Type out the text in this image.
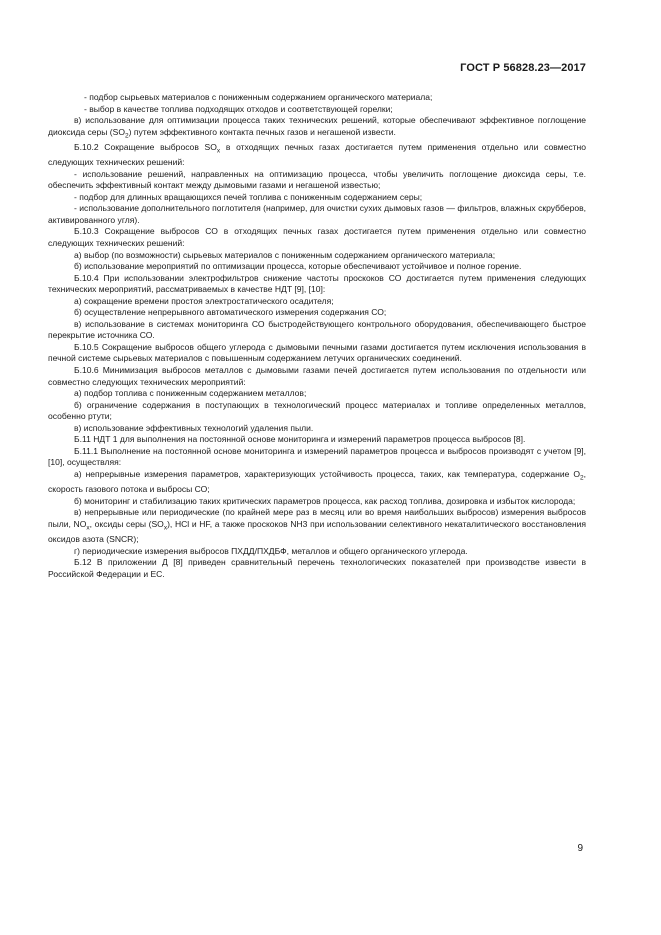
ГОСТ Р 56828.23—2017

- подбор сырьевых материалов с пониженным содержанием органического материала;

- выбор в качестве топлива подходящих отходов и соответствующей горелки;

в) использование для оптимизации процесса таких технических решений, которые обеспечивают эффективное поглощение диоксида серы $(SO_2)$ путем эффективного контакта печных газов и негашеной извести.

Б.10.2 Сокращение выбросов $SO_x$ в отходящих печных газах достигается путем применения отдельно или совместно следующих технических решений:

- использование решений, направленных на оптимизацию процесса, чтобы увеличить поглощение диоксида серы, т.е. обеспечить эффективный контакт между дымовыми газами и негашеной известью;

- подбор для длинных вращающихся печей топлива с пониженным содержанием серы;

- использование дополнительного поглотителя (например, для очистки сухих дымовых газов — фильтров, влажных скрубберов, активированного угля).

Б.10.3 Сокращение выбросов СО в отходящих печных газах достигается путем применения отдельно или совместно следующих технических решений:

а) выбор (по возможности) сырьевых материалов с пониженным содержанием органического материала;

б) использование мероприятий по оптимизации процесса, которые обеспечивают устойчивое и полное горение.

Б.10.4 При использовании электрофильтров снижение частоты проскоков СО достигается путем применения следующих технических мероприятий, рассматриваемых в качестве НДТ [9], [10]:

а) сокращение времени простоя электростатического осадителя;

б) осуществление непрерывного автоматического измерения содержания СО;

в) использование в системах мониторинга СО быстродействующего контрольного оборудования, обеспечивающего быстрое перекрытие источника СО.

Б.10.5 Сокращение выбросов общего углерода с дымовыми печными газами достигается путем исключения использования в печной системе сырьевых материалов с повышенным содержанием летучих органических соединений.

Б.10.6 Минимизация выбросов металлов с дымовыми газами печей достигается путем использования по отдельности или совместно следующих технических мероприятий:

а) подбор топлива с пониженным содержанием металлов;

б) ограничение содержания в поступающих в технологический процесс материалах и топливе определенных металлов, особенно ртути;

в) использование эффективных технологий удаления пыли.

Б.11 НДТ 1 для выполнения на постоянной основе мониторинга и измерений параметров процесса выбросов [8].

Б.11.1 Выполнение на постоянной основе мониторинга и измерений параметров процесса и выбросов производят с учетом [9], [10], осуществляя:

а) непрерывные измерения параметров, характеризующих устойчивость процесса, таких, как температура, содержание $O_2$, скорость газового потока и выбросы СО;

б) мониторинг и стабилизацию таких критических параметров процесса, как расход топлива, дозировка и избыток кислорода;

в) непрерывные или периодические (по крайней мере раз в месяц или во время наибольших выбросов) измерения выбросов пыли, $NO_x$, оксиды серы $(SO_x)$, НCl и НF, а также проскоков NH3 при использовании селективного некаталитического восстановления оксидов азота (SNCR);

г) периодические измерения выбросов ПХДД/ПХДБФ, металлов и общего органического углерода.

Б.12 В приложении Д [8] приведен сравнительный перечень технологических показателей при производстве извести в Российской Федерации и ЕС.

9
